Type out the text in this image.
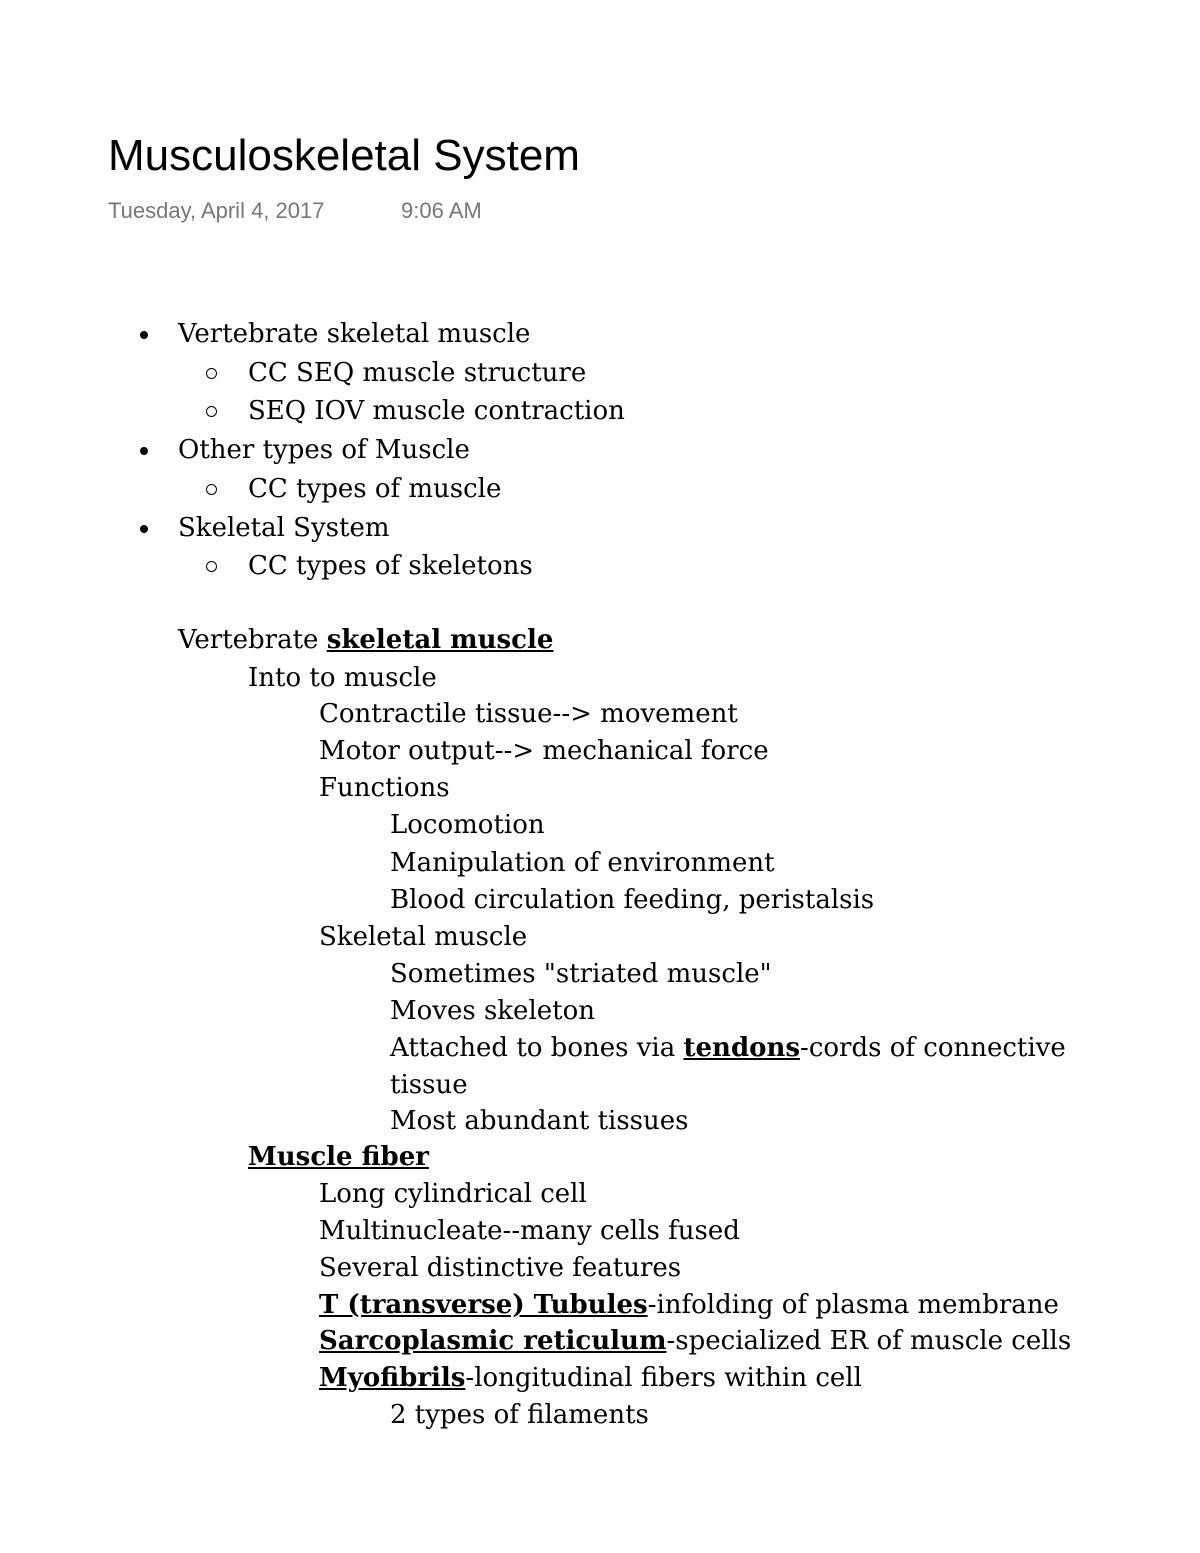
Musculoskeletal System
Tuesday, April 4, 2017	9:06 AM
Vertebrate skeletal muscle
CC SEQ muscle structure
SEQ IOV muscle contraction
Other types of Muscle
CC types of muscle
Skeletal System
CC types of skeletons
Vertebrate skeletal muscle
Into to muscle
Contractile tissue--> movement
Motor output--> mechanical force
Functions
Locomotion
Manipulation of environment
Blood circulation feeding, peristalsis
Skeletal muscle
Sometimes "striated muscle"
Moves skeleton
Attached to bones via tendons-cords of connective
tissue
Most abundant tissues
Muscle fiber
Long cylindrical cell
Multinucleate--many cells fused
Several distinctive features
T (transverse) Tubules-infolding of plasma membrane
Sarcoplasmic reticulum-specialized ER of muscle cells
Myofibrils-longitudinal fibers within cell
2 types of filaments
